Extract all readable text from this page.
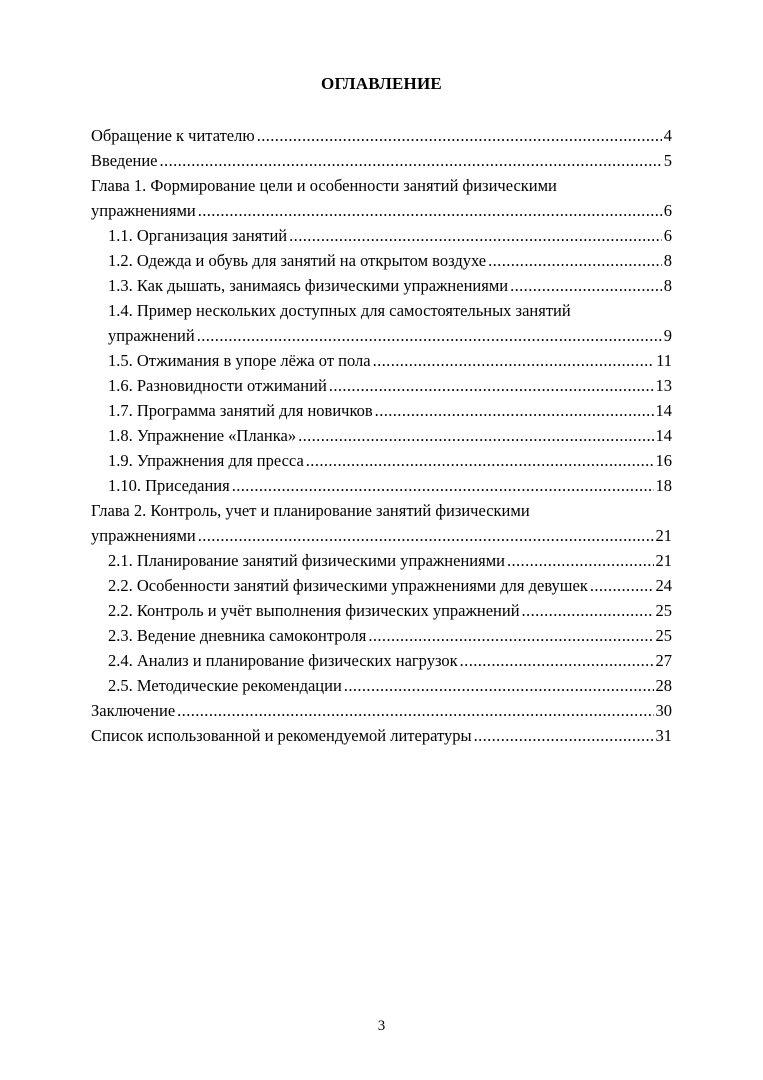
ОГЛАВЛЕНИЕ
Обращение к читателю .....	4
Введение .....	5
Глава 1. Формирование цели и особенности занятий физическими
упражнениями .....	6
1.1. Организация занятий .....	6
1.2. Одежда и обувь для занятий на открытом воздухе .....	8
1.3. Как дышать, занимаясь физическими упражнениями .....	8
1.4. Пример нескольких доступных для самостоятельных занятий
упражнений .....	9
1.5. Отжимания в упоре лёжа от пола .....	11
1.6. Разновидности отжиманий .....	13
1.7. Программа занятий для новичков .....	14
1.8. Упражнение «Планка» .....	14
1.9. Упражнения для пресса .....	16
1.10. Приседания .....	18
Глава 2. Контроль, учет и планирование занятий физическими
упражнениями .....	21
2.1. Планирование занятий физическими упражнениями .....	21
2.2. Особенности занятий физическими упражнениями для девушек .....	24
2.2. Контроль и учёт выполнения физических упражнений .....	25
2.3. Ведение дневника самоконтроля .....	25
2.4. Анализ и планирование физических нагрузок .....	27
2.5. Методические рекомендации .....	28
Заключение .....	30
Список использованной и рекомендуемой литературы .....	31
3
